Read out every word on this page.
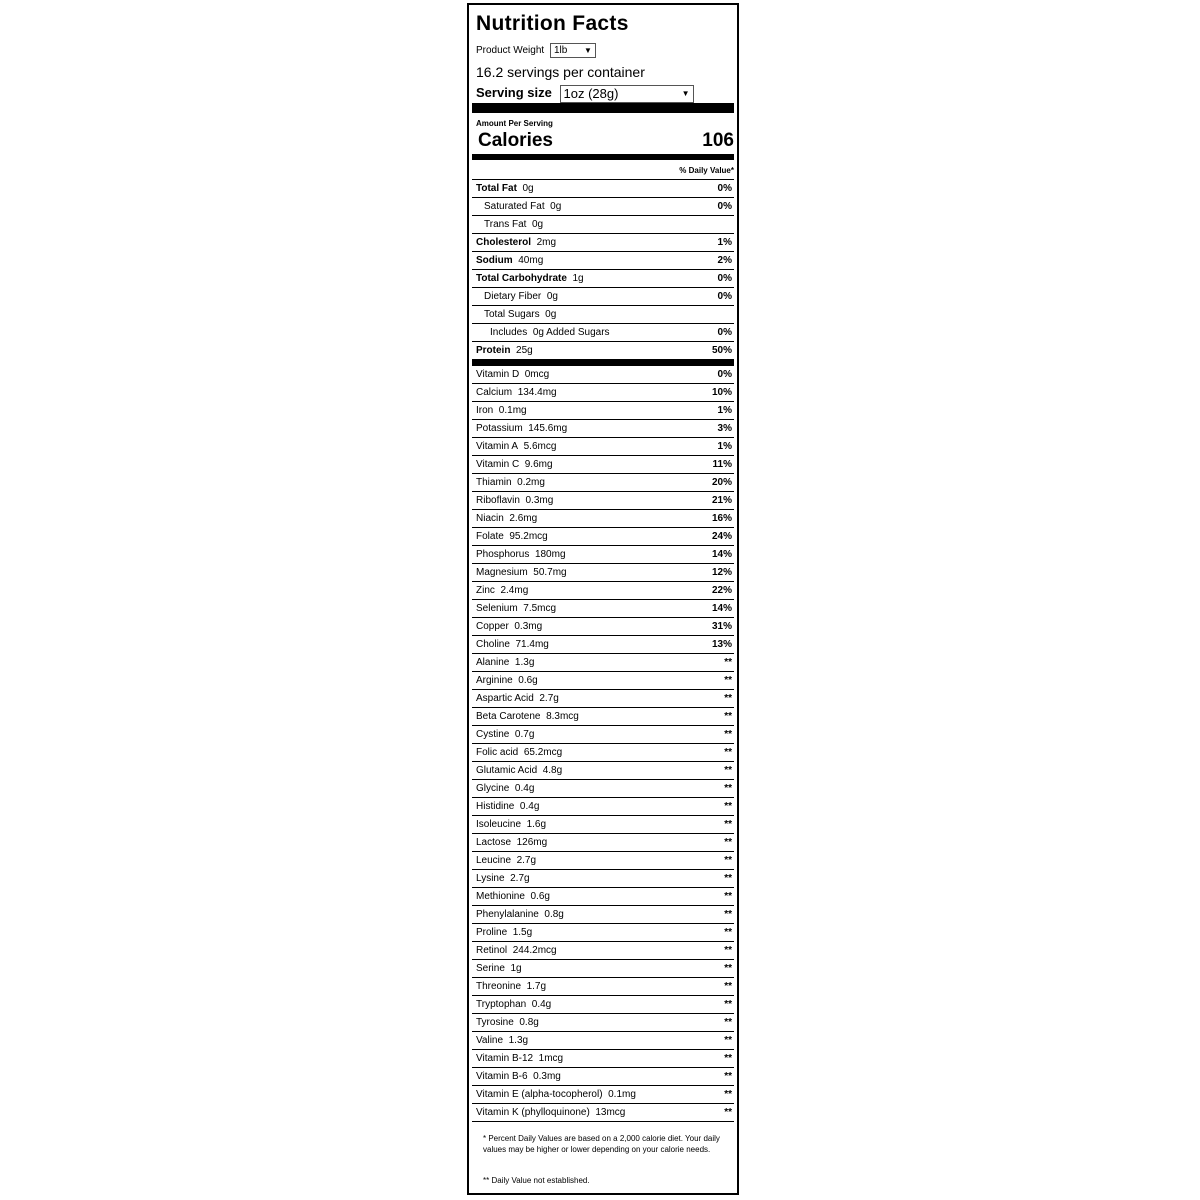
Nutrition Facts
Product Weight 1lb ▼
16.2 servings per container
Serving size 1oz (28g)	▼
Amount Per Serving
Calories	106
% Daily Value*
Total Fat 0g	0%
Saturated Fat 0g	0%
Trans Fat 0g
Cholesterol 2mg	1%
Sodium 40mg	2%
Total Carbohydrate 1g	0%
Dietary Fiber 0g	0%
Total Sugars 0g
Includes 0g Added Sugars	0%
Protein 25g	50%
Vitamin D 0mcg	0%
Calcium 134.4mg	10%
Iron 0.1mg	1%
Potassium 145.6mg	3%
Vitamin A 5.6mcg	1%
Vitamin C 9.6mg	11%
Thiamin 0.2mg	20%
Riboflavin 0.3mg	21%
Niacin 2.6mg	16%
Folate 95.2mcg	24%
Phosphorus 180mg	14%
Magnesium 50.7mg	12%
Zinc 2.4mg	22%
Selenium 7.5mcg	14%
Copper 0.3mg	31%
Choline 71.4mg	13%
Alanine 1.3g	**
Arginine 0.6g	**
Aspartic Acid 2.7g	**
Beta Carotene 8.3mcg	**
Cystine 0.7g	**
Folic acid 65.2mcg	**
Glutamic Acid 4.8g	**
Glycine 0.4g	**
Histidine 0.4g	**
Isoleucine 1.6g	**
Lactose 126mg	**
Leucine 2.7g	**
Lysine 2.7g	**
Methionine 0.6g	**
Phenylalanine 0.8g	**
Proline 1.5g	**
Retinol 244.2mcg	**
Serine 1g	**
Threonine 1.7g	**
Tryptophan 0.4g	**
Tyrosine 0.8g	**
Valine 1.3g	**
Vitamin B-12 1mcg	**
Vitamin B-6 0.3mg	**
Vitamin E (alpha-tocopherol) 0.1mg	**
Vitamin K (phylloquinone) 13mcg	**
* Percent Daily Values are based on a 2,000 calorie diet. Your daily values may be higher or lower depending on your calorie needs.
** Daily Value not established.
